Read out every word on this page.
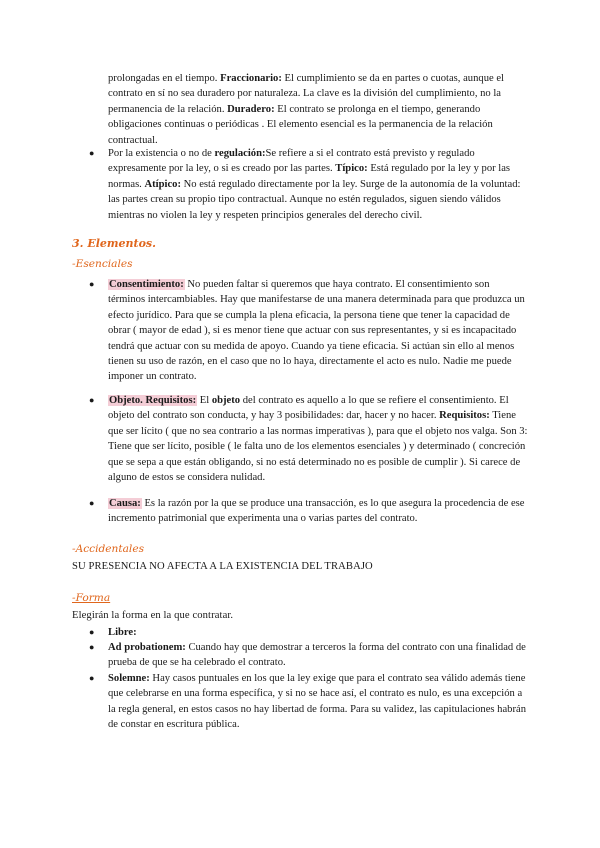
prolongadas en el tiempo. Fraccionario: El cumplimiento se da en partes o cuotas, aunque el contrato en sí no sea duradero por naturaleza. La clave es la división del cumplimiento, no la permanencia de la relación. Duradero: El contrato se prolonga en el tiempo, generando obligaciones continuas o periódicas . El elemento esencial es la permanencia de la relación contractual.
● Por la existencia o no de regulación:Se refiere a si el contrato está previsto y regulado expresamente por la ley, o si es creado por las partes. Típico: Está regulado por la ley y por las normas. Atípico: No está regulado directamente por la ley. Surge de la autonomía de la voluntad: las partes crean su propio tipo contractual. Aunque no estén regulados, siguen siendo válidos mientras no violen la ley y respeten principios generales del derecho civil.
3. Elementos.
-Esenciales
● Consentimiento: No pueden faltar si queremos que haya contrato. El consentimiento son términos intercambiables. Hay que manifestarse de una manera determinada para que produzca un efecto jurídico. Para que se cumpla la plena eficacia, la persona tiene que tener la capacidad de obrar ( mayor de edad ), si es menor tiene que actuar con sus representantes, y si es incapacitado tendrá que actuar con su medida de apoyo. Cuando ya tiene eficacia. Si actúan sin ello al menos tienen su uso de razón, en el caso que no lo haya, directamente el acto es nulo. Nadie me puede imponer un contrato.
● Objeto. Requisitos: El objeto del contrato es aquello a lo que se refiere el consentimiento. El objeto del contrato son conducta, y hay 3 posibilidades: dar, hacer y no hacer. Requisitos: Tiene que ser lícito ( que no sea contrario a las normas imperativas ), para que el objeto nos valga. Son 3: Tiene que ser lícito, posible ( le falta uno de los elementos esenciales ) y determinado ( concreción que se sepa a que están obligando, si no está determinado no es posible de cumplir ). Si carece de alguno de estos se considera nulidad.
● Causa: Es la razón por la que se produce una transacción, es lo que asegura la procedencia de ese incremento patrimonial que experimenta una o varias partes del contrato.
-Accidentales
SU PRESENCIA NO AFECTA A LA EXISTENCIA DEL TRABAJO
-Forma
Elegirán la forma en la que contratar.
● Libre:
● Ad probationem: Cuando hay que demostrar a terceros la forma del contrato con una finalidad de prueba de que se ha celebrado el contrato.
● Solemne: Hay casos puntuales en los que la ley exige que para el contrato sea válido además tiene que celebrarse en una forma específica, y si no se hace así, el contrato es nulo, es una excepción a la regla general, en estos casos no hay libertad de forma. Para su validez, las capitulaciones habrán de constar en escritura pública.
